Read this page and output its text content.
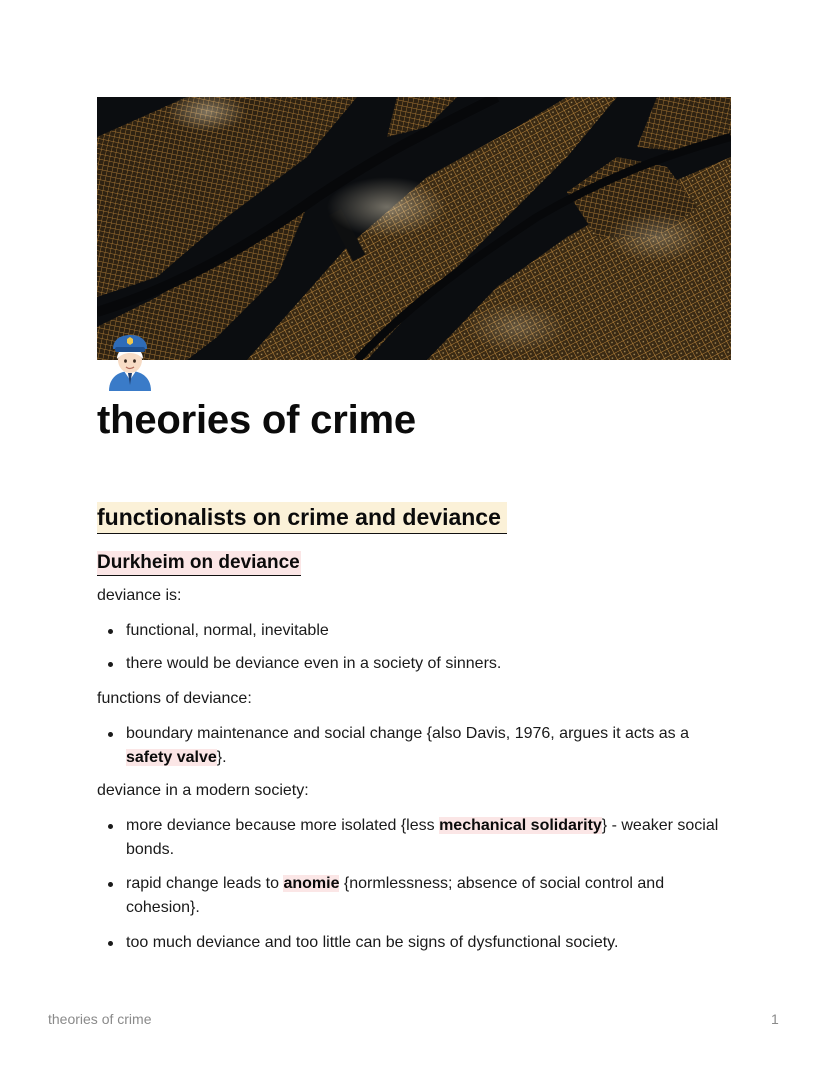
theories of crime
functionalists on crime and deviance
Durkheim on deviance

deviance is:

functional, normal, inevitable
there would be deviance even in a society of sinners.

functions of deviance:

boundary maintenance and social change {also Davis, 1976, argues it acts as a
safety valve}.

deviance in a modern society:

more deviance because more isolated {less mechanical solidarity} - weaker social bonds.
rapid change leads to anomie {normlessness; absence of social control and cohesion}.
too much deviance and too little can be signs of dysfunctional society.
theories of crime	1
